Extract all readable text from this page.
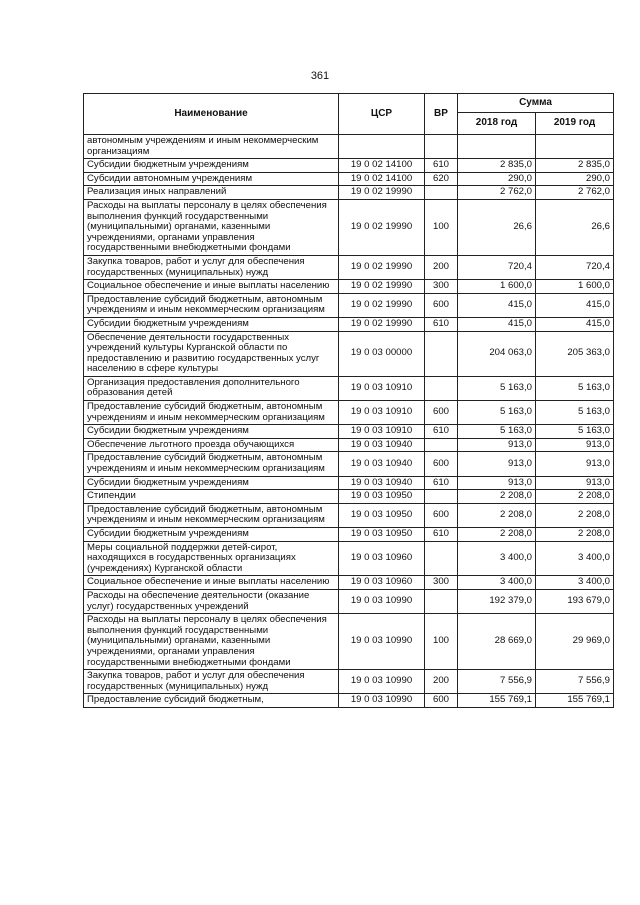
361
Наименование	ЦСР	ВР	Сумма	
			2018 год	2019 год
автономным учреждениям и иным некоммерческим организациям				
Субсидии бюджетным учреждениям	19 0 02 14100	610	2 835,0	2 835,0
Субсидии автономным учреждениям	19 0 02 14100	620	290,0	290,0
Реализация иных направлений	19 0 02 19990		2 762,0	2 762,0
Расходы на выплаты персоналу в целях обеспечения выполнения функций государственными (муниципальными) органами, казенными учреждениями, органами управления государственными внебюджетными фондами	19 0 02 19990	100	26,6	26,6
Закупка товаров, работ и услуг для обеспечения государственных (муниципальных) нужд	19 0 02 19990	200	720,4	720,4
Социальное обеспечение и иные выплаты населению	19 0 02 19990	300	1 600,0	1 600,0
Предоставление субсидий бюджетным, автономным учреждениям и иным некоммерческим организациям	19 0 02 19990	600	415,0	415,0
Субсидии бюджетным учреждениям	19 0 02 19990	610	415,0	415,0
Обеспечение деятельности государственных учреждений культуры Курганской области по предоставлению и развитию государственных услуг населению в сфере культуры	19 0 03 00000		204 063,0	205 363,0
Организация предоставления дополнительного образования детей	19 0 03 10910		5 163,0	5 163,0
Предоставление субсидий бюджетным, автономным учреждениям и иным некоммерческим организациям	19 0 03 10910	600	5 163,0	5 163,0
Субсидии бюджетным учреждениям	19 0 03 10910	610	5 163,0	5 163,0
Обеспечение льготного проезда обучающихся	19 0 03 10940		913,0	913,0
Предоставление субсидий бюджетным, автономным учреждениям и иным некоммерческим организациям	19 0 03 10940	600	913,0	913,0
Субсидии бюджетным учреждениям	19 0 03 10940	610	913,0	913,0
Стипендии	19 0 03 10950		2 208,0	2 208,0
Предоставление субсидий бюджетным, автономным учреждениям и иным некоммерческим организациям	19 0 03 10950	600	2 208,0	2 208,0
Субсидии бюджетным учреждениям	19 0 03 10950	610	2 208,0	2 208,0
Меры социальной поддержки детей-сирот, находящихся в государственных организациях (учреждениях) Курганской области	19 0 03 10960		3 400,0	3 400,0
Социальное обеспечение и иные выплаты населению	19 0 03 10960	300	3 400,0	3 400,0
Расходы на обеспечение деятельности (оказание услуг) государственных учреждений	19 0 03 10990		192 379,0	193 679,0
Расходы на выплаты персоналу в целях обеспечения выполнения функций государственными (муниципальными) органами, казенными учреждениями, органами управления государственными внебюджетными фондами	19 0 03 10990	100	28 669,0	29 969,0
Закупка товаров, работ и услуг для обеспечения государственных (муниципальных) нужд	19 0 03 10990	200	7 556,9	7 556,9
Предоставление субсидий бюджетным,	19 0 03 10990	600	155 769,1	155 769,1
